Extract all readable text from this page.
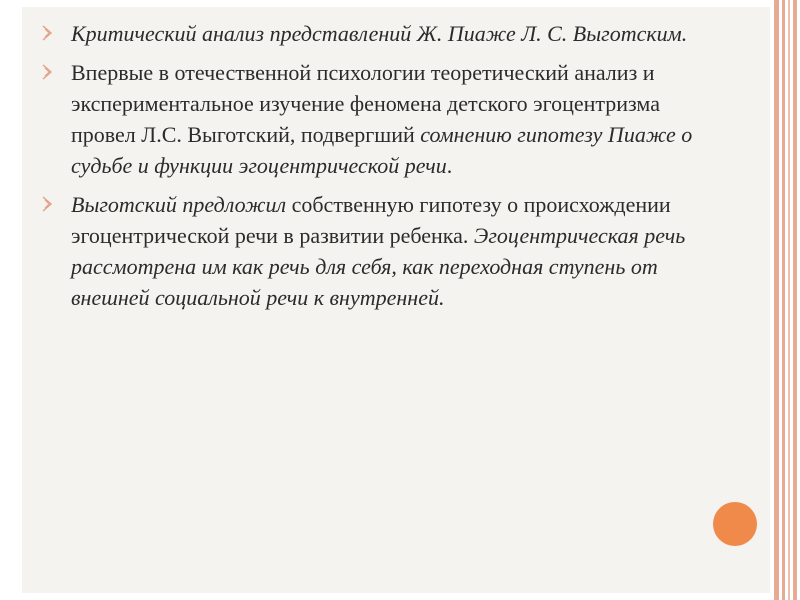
Критический анализ представлений Ж. Пиаже Л. С. Выготским.

Впервые в отечественной психологии теоретический анализ и экспериментальное изучение феномена детского эгоцентризма провел Л.С. Выготский, подвергший сомнению гипотезу Пиаже о судьбе и функции эгоцентрической речи.

Выготский предложил собственную гипотезу о происхождении эгоцентрической речи в развитии ребенка. Эгоцентрическая речь рассмотрена им как речь для себя, как переходная ступень от внешней социальной речи к внутренней.
